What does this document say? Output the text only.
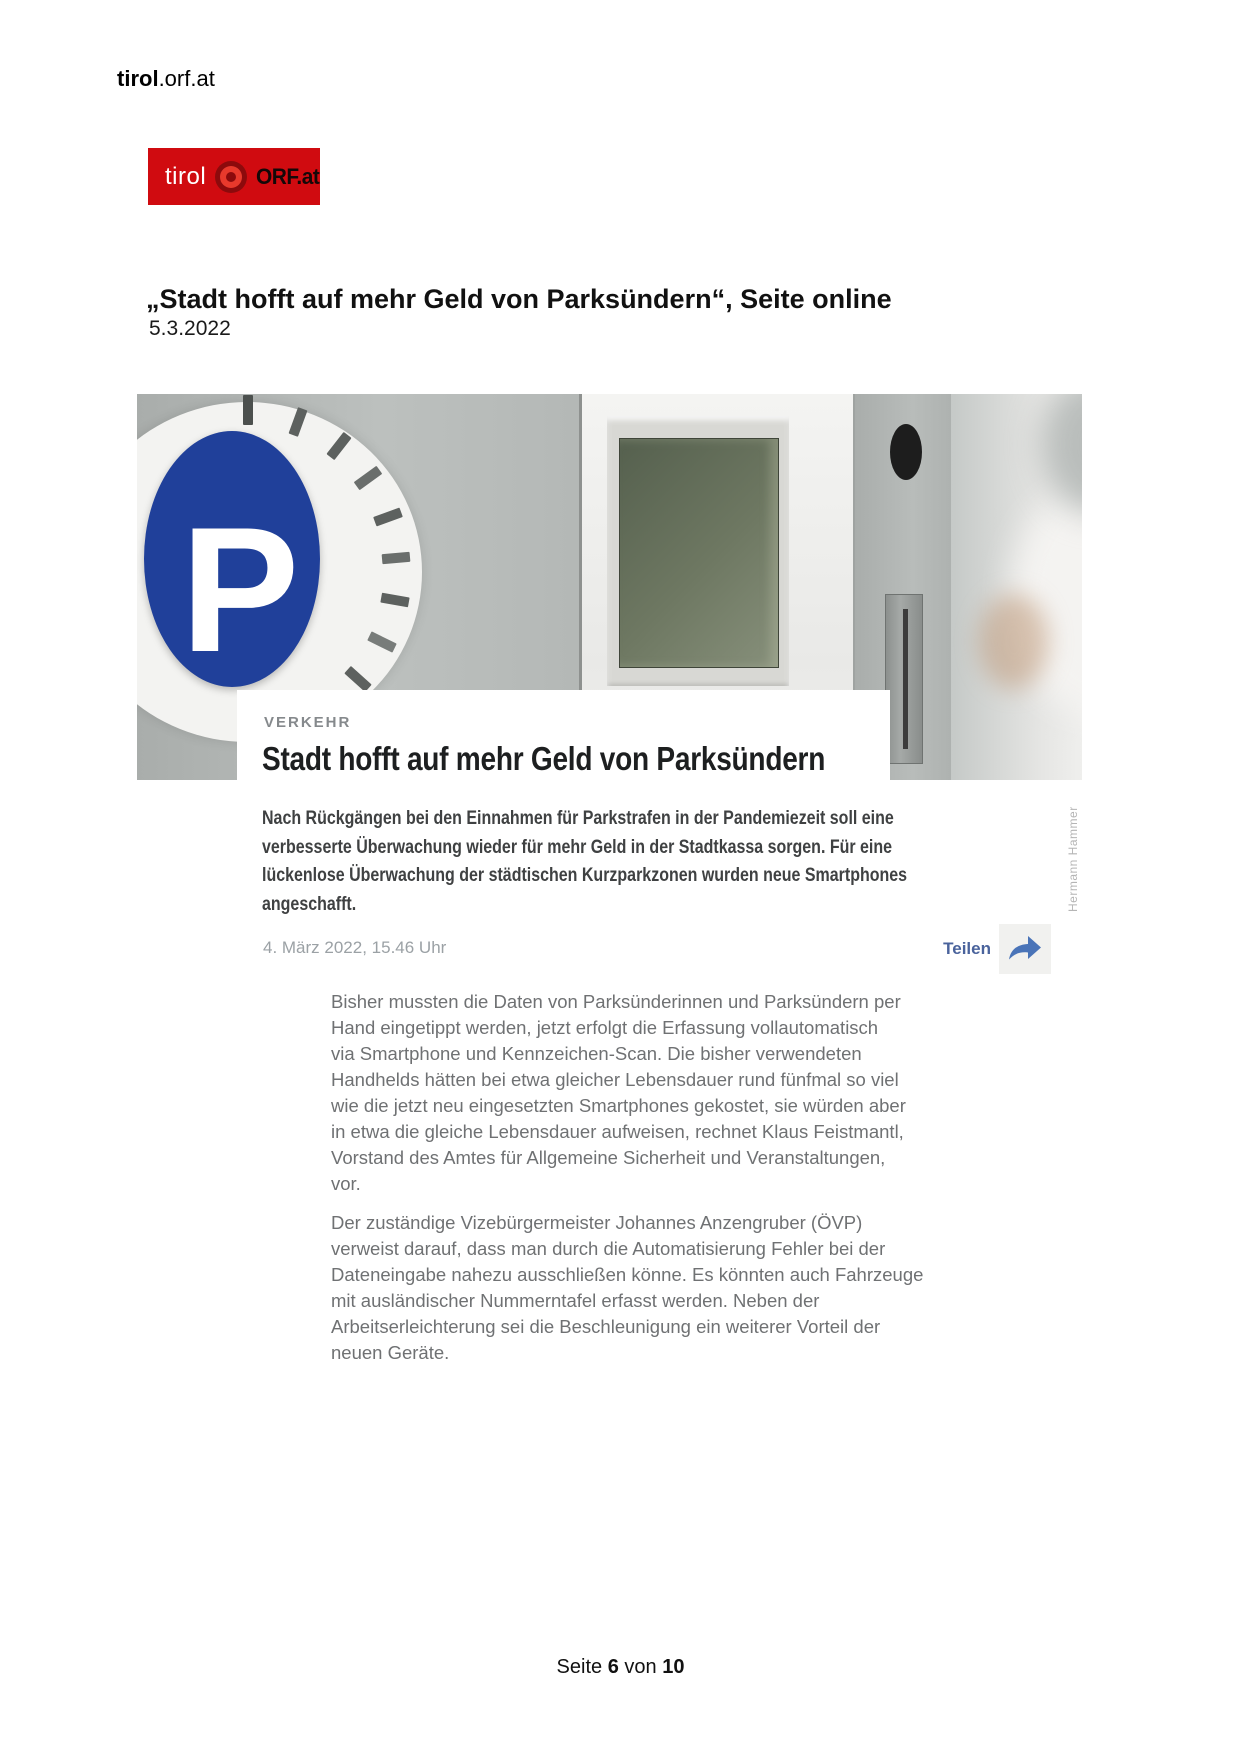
tirol.orf.at
tirol ORF.at
„Stadt hofft auf mehr Geld von Parksündern“, Seite online
5.3.2022
P
VERKEHR
Stadt hofft auf mehr Geld von Parksündern
Nach Rückgängen bei den Einnahmen für Parkstrafen in der Pandemiezeit soll eine
verbesserte Überwachung wieder für mehr Geld in der Stadtkassa sorgen. Für eine
lückenlose Überwachung der städtischen Kurzparkzonen wurden neue Smartphones
angeschafft.
4. März 2022, 15.46 Uhr	Teilen
Hermann Hammer
Bisher mussten die Daten von Parksünderinnen und Parksündern per
Hand eingetippt werden, jetzt erfolgt die Erfassung vollautomatisch
via Smartphone und Kennzeichen-Scan. Die bisher verwendeten
Handhelds hätten bei etwa gleicher Lebensdauer rund fünfmal so viel
wie die jetzt neu eingesetzten Smartphones gekostet, sie würden aber
in etwa die gleiche Lebensdauer aufweisen, rechnet Klaus Feistmantl,
Vorstand des Amtes für Allgemeine Sicherheit und Veranstaltungen,
vor.
Der zuständige Vizebürgermeister Johannes Anzengruber (ÖVP)
verweist darauf, dass man durch die Automatisierung Fehler bei der
Dateneingabe nahezu ausschließen könne. Es könnten auch Fahrzeuge
mit ausländischer Nummerntafel erfasst werden. Neben der
Arbeitserleichterung sei die Beschleunigung ein weiterer Vorteil der
neuen Geräte.
Seite 6 von 10
